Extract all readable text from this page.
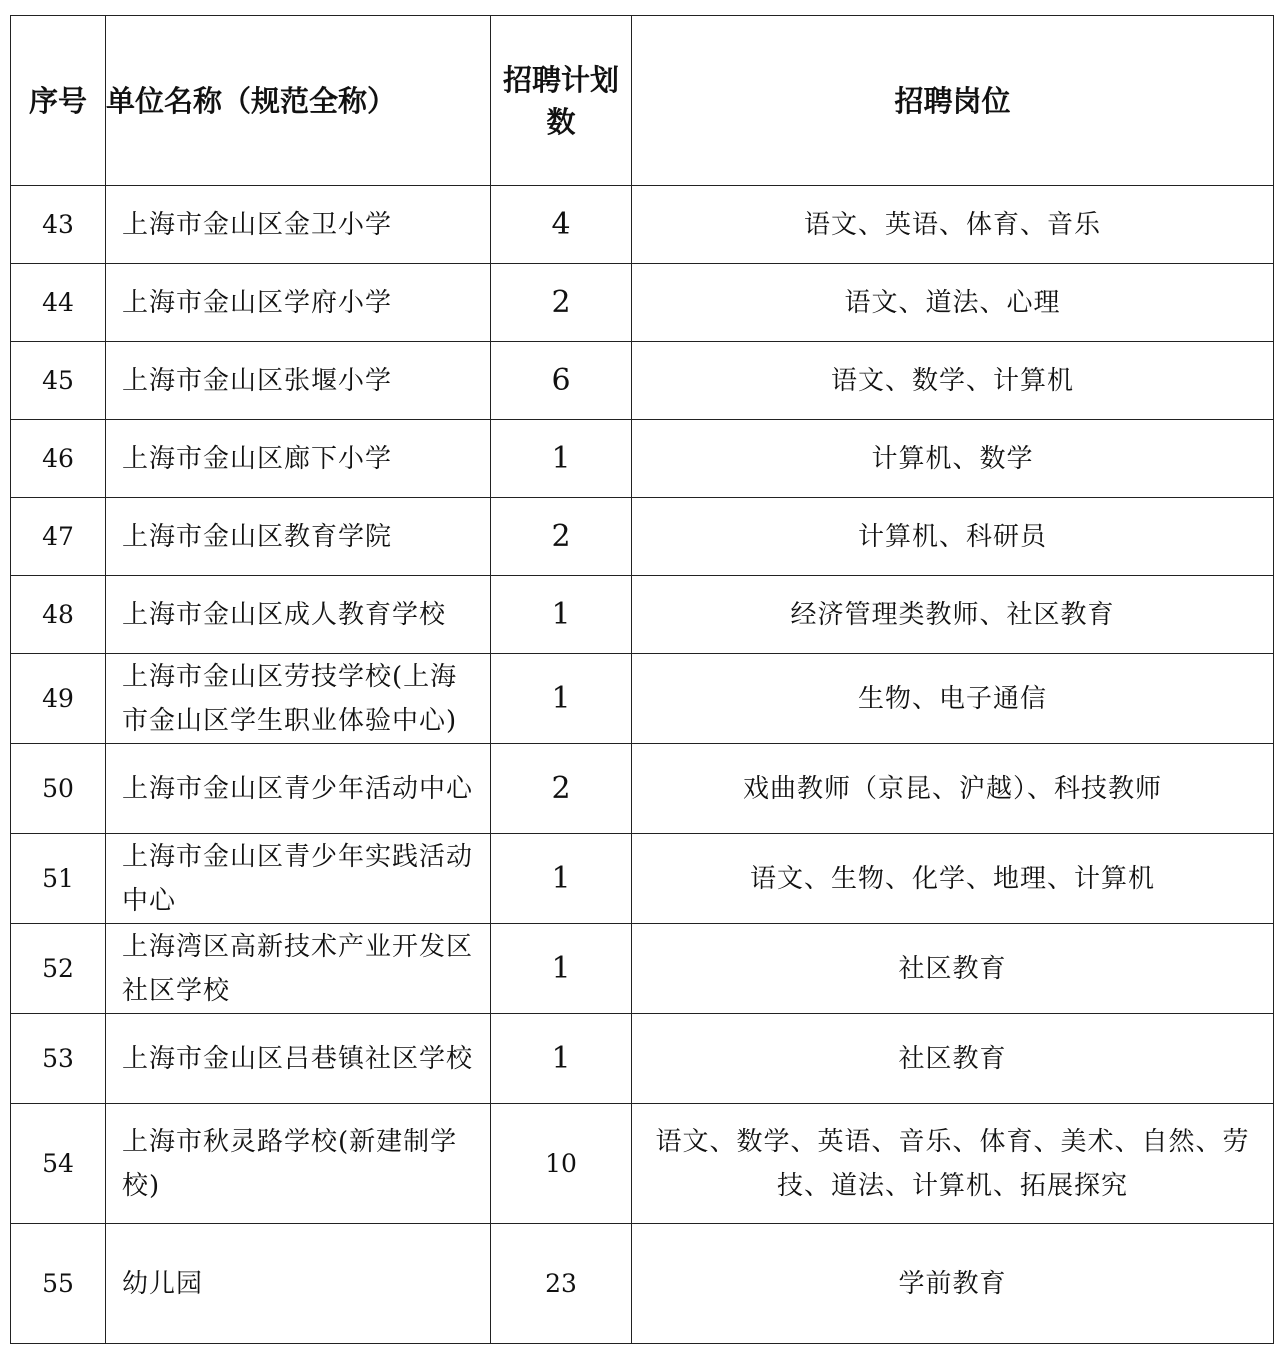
序号	单位名称（规范全称）	招聘计划数	招聘岗位
43	上海市金山区金卫小学	4	语文、英语、体育、音乐
44	上海市金山区学府小学	2	语文、道法、心理
45	上海市金山区张堰小学	6	语文、数学、计算机
46	上海市金山区廊下小学	1	计算机、数学
47	上海市金山区教育学院	2	计算机、科研员
48	上海市金山区成人教育学校	1	经济管理类教师、社区教育
49	上海市金山区劳技学校(上海市金山区学生职业体验中心)	1	生物、电子通信
50	上海市金山区青少年活动中心	2	戏曲教师（京昆、沪越）、科技教师
51	上海市金山区青少年实践活动中心	1	语文、生物、化学、地理、计算机
52	上海湾区高新技术产业开发区社区学校	1	社区教育
53	上海市金山区吕巷镇社区学校	1	社区教育
54	上海市秋灵路学校(新建制学校)	10	语文、数学、英语、音乐、体育、美术、自然、劳技、道法、计算机、拓展探究
55	幼儿园	23	学前教育
